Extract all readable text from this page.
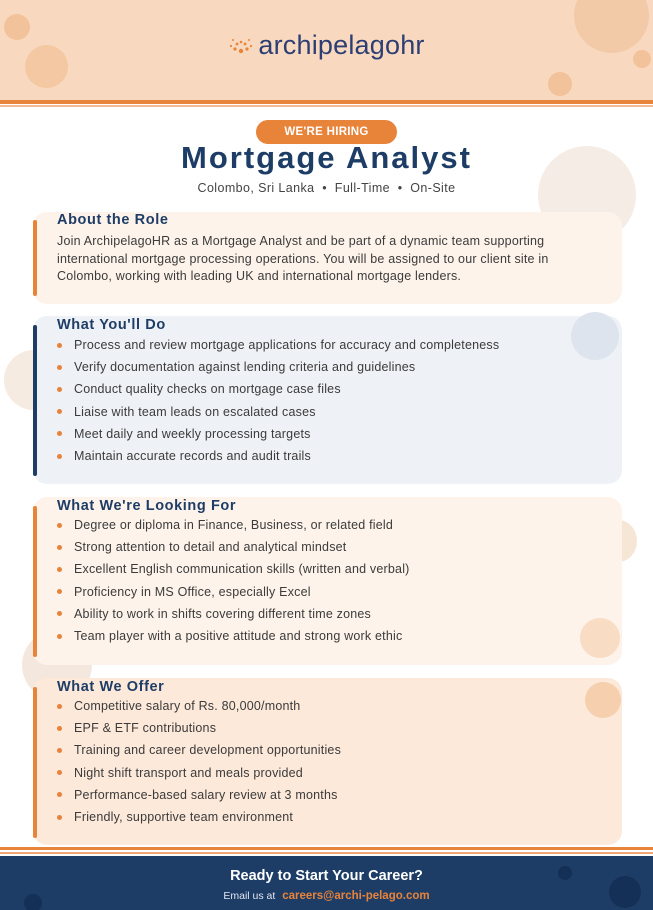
archipelagohr
WE'RE HIRING
Mortgage Analyst
Colombo, Sri Lanka • Full-Time • On-Site
About the Role
Join ArchipelagoHR as a Mortgage Analyst and be part of a dynamic team supporting international mortgage processing operations. You will be assigned to our client site in Colombo, working with leading UK and international mortgage lenders.
What You'll Do
Process and review mortgage applications for accuracy and completeness
Verify documentation against lending criteria and guidelines
Conduct quality checks on mortgage case files
Liaise with team leads on escalated cases
Meet daily and weekly processing targets
Maintain accurate records and audit trails
What We're Looking For
Degree or diploma in Finance, Business, or related field
Strong attention to detail and analytical mindset
Excellent English communication skills (written and verbal)
Proficiency in MS Office, especially Excel
Ability to work in shifts covering different time zones
Team player with a positive attitude and strong work ethic
What We Offer
Competitive salary of Rs. 80,000/month
EPF & ETF contributions
Training and career development opportunities
Night shift transport and meals provided
Performance-based salary review at 3 months
Friendly, supportive team environment
Ready to Start Your Career?
Email us at careers@archi-pelago.com
